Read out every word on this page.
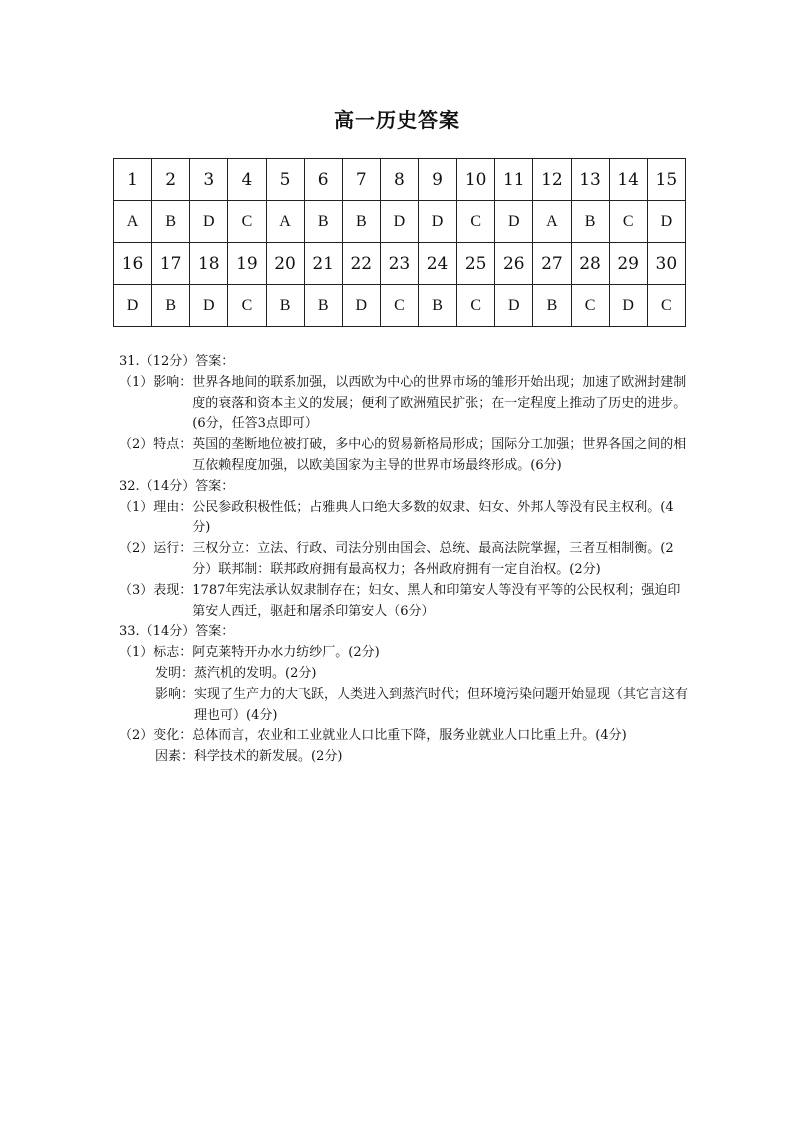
高一历史答案
1	2	3	4	5	6	7	8	9	10	11	12	13	14	15
A	B	D	C	A	B	B	D	D	C	D	A	B	C	D
16	17	18	19	20	21	22	23	24	25	26	27	28	29	30
D	B	D	C	B	B	D	C	B	C	D	B	C	D	C
31.（12分）答案：
（1）影响： 世界各地间的联系加强，以西欧为中心的世界市场的雏形开始出现；加速了欧洲封建制度的衰落和资本主义的发展；便利了欧洲殖民扩张；在一定程度上推动了历史的进步。(6分，任答3点即可）
（2）特点： 英国的垄断地位被打破，多中心的贸易新格局形成；国际分工加强；世界各国之间的相互依赖程度加强，以欧美国家为主导的世界市场最终形成。(6分)
32.（14分）答案：
（1）理由： 公民参政积极性低；占雅典人口绝大多数的奴隶、妇女、外邦人等没有民主权利。(4分)
（2）运行： 三权分立：立法、行政、司法分别由国会、总统、最高法院掌握，三者互相制衡。(2分）联邦制：联邦政府拥有最高权力；各州政府拥有一定自治权。(2分)
（3）表现： 1787年宪法承认奴隶制存在；妇女、黑人和印第安人等没有平等的公民权利；强迫印第安人西迁，驱赶和屠杀印第安人（6分）
33.（14分）答案：
（1）标志： 阿克莱特开办水力纺纱厂。(2分)
发明： 蒸汽机的发明。(2分)
影响： 实现了生产力的大飞跃，人类进入到蒸汽时代；但环境污染问题开始显现（其它言这有理也可）(4分)
（2）变化： 总体而言，农业和工业就业人口比重下降，服务业就业人口比重上升。(4分)
因素： 科学技术的新发展。(2分)
